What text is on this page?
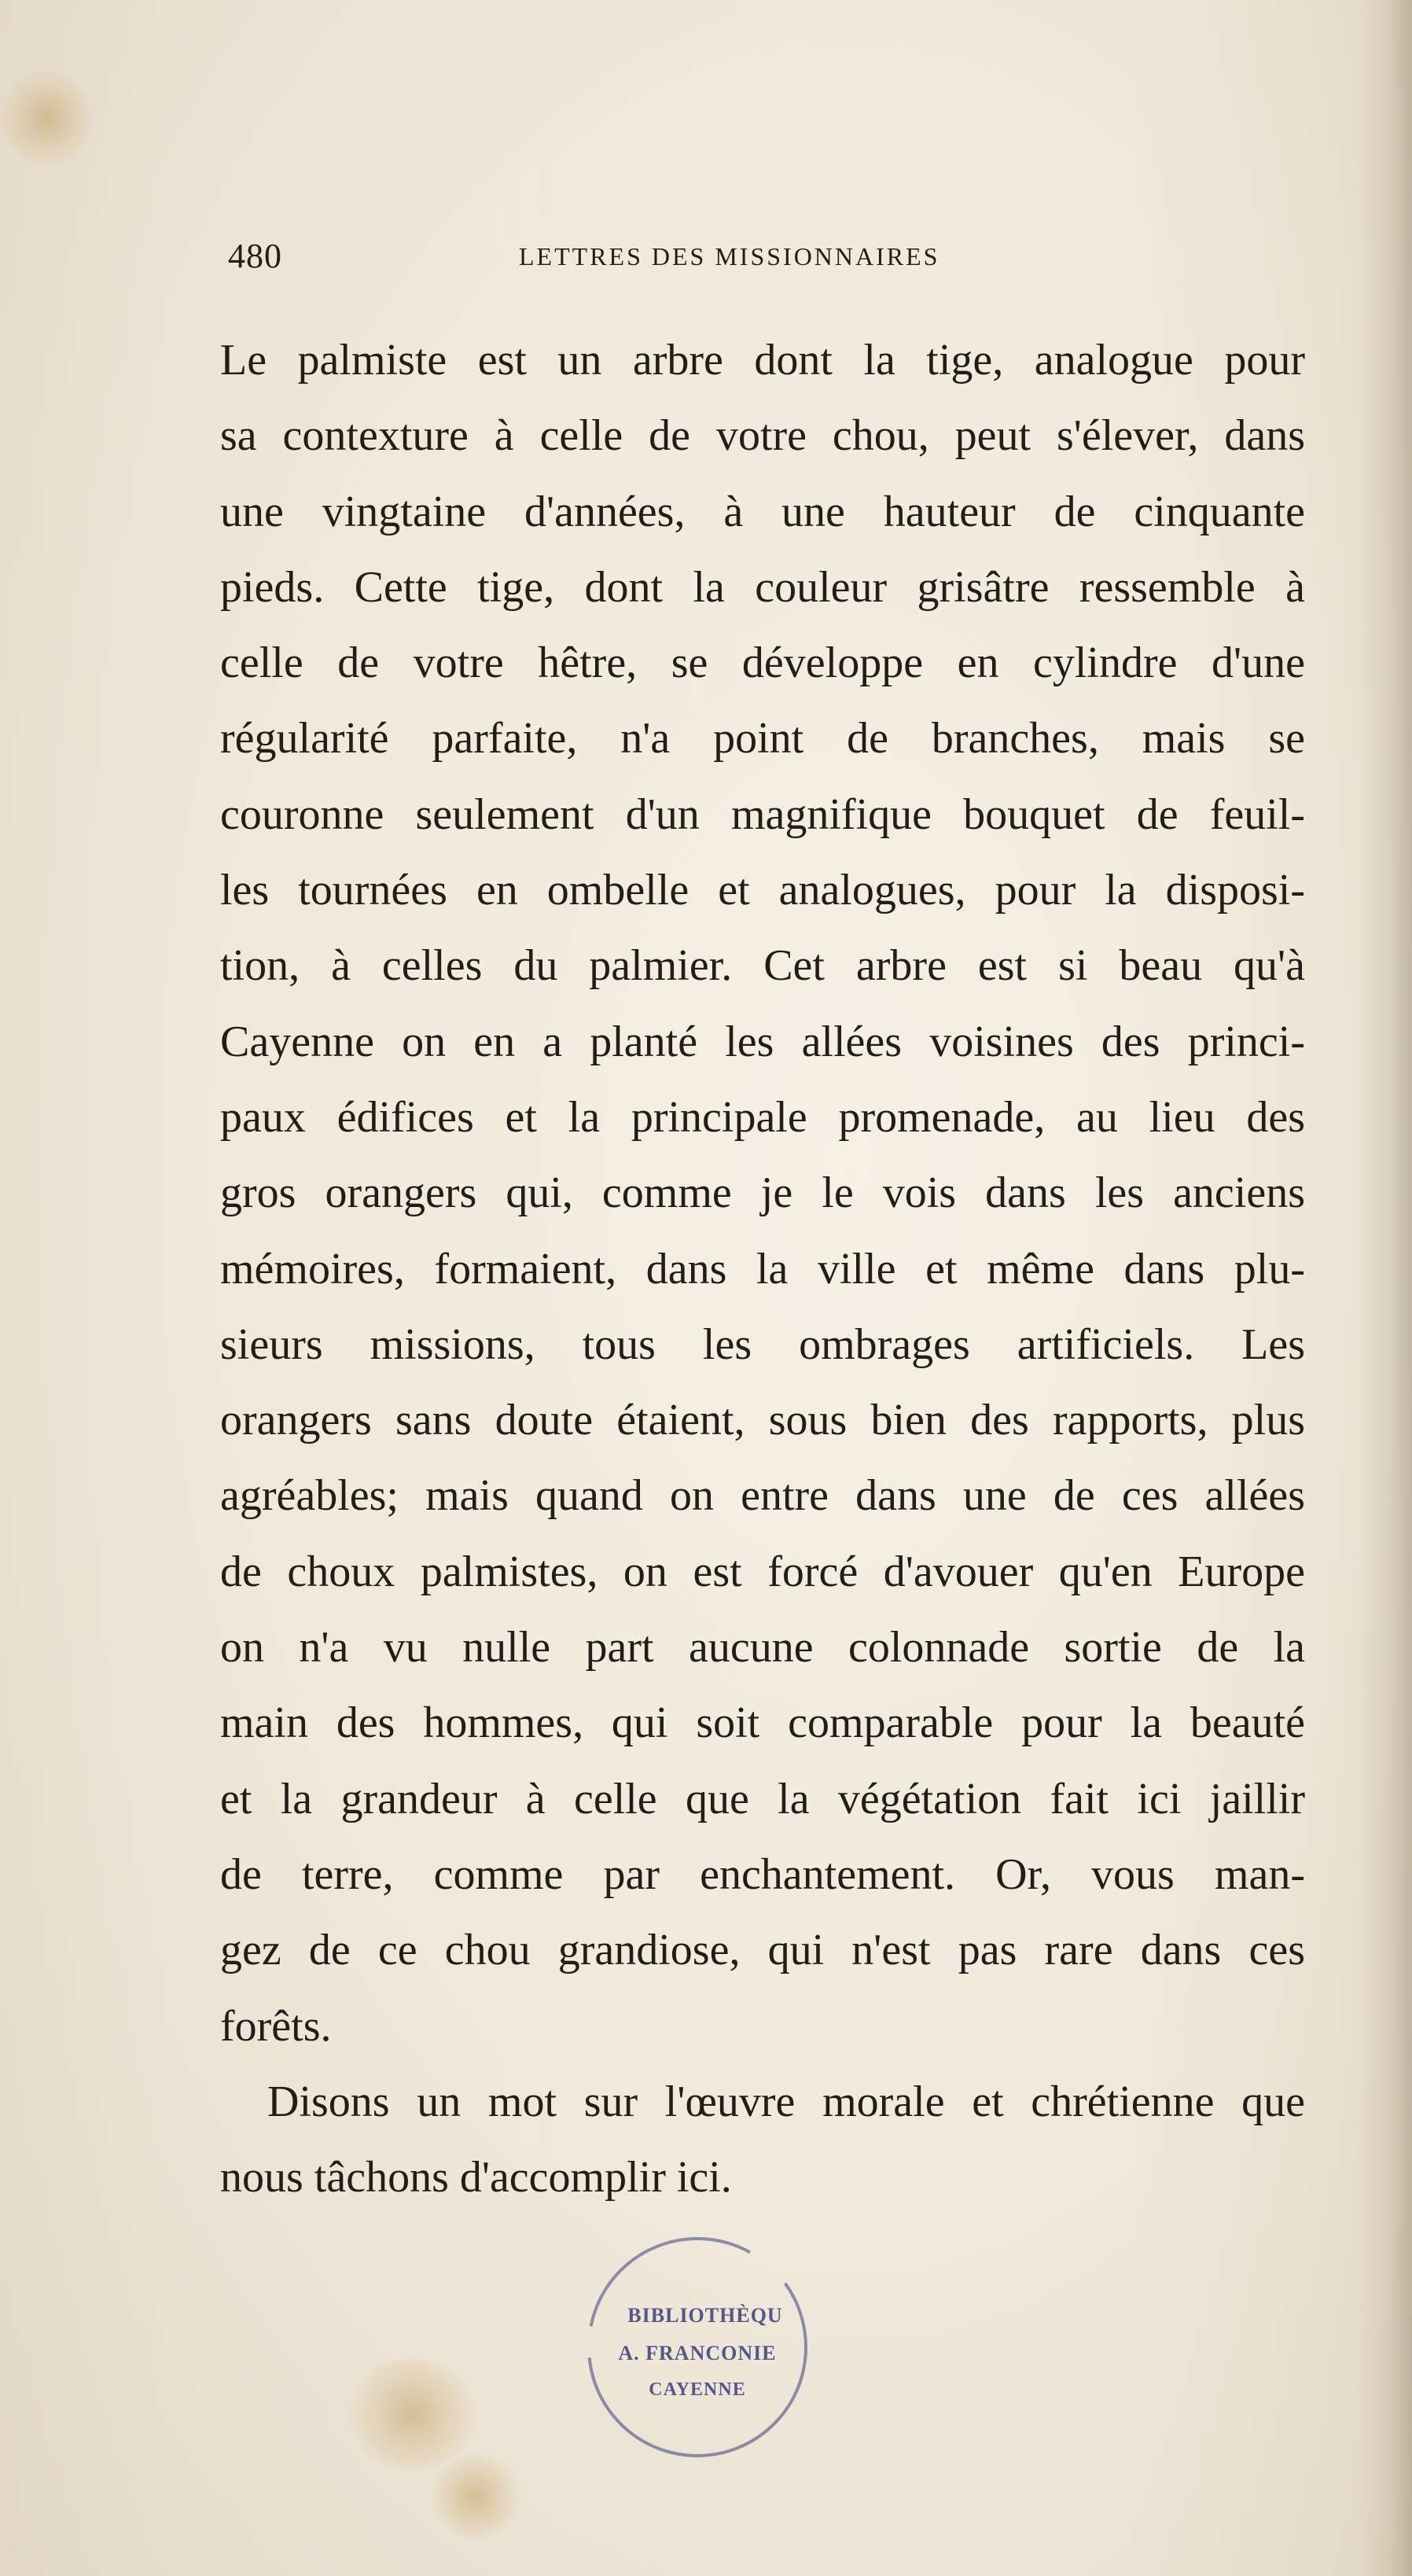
480	LETTRES DES MISSIONNAIRES

Le palmiste est un arbre dont la tige, analogue pour
sa contexture à celle de votre chou, peut s'élever, dans
une vingtaine d'années, à une hauteur de cinquante
pieds. Cette tige, dont la couleur grisâtre ressemble à
celle de votre hêtre, se développe en cylindre d'une
régularité parfaite, n'a point de branches, mais se
couronne seulement d'un magnifique bouquet de feuil-
les tournées en ombelle et analogues, pour la disposi-
tion, à celles du palmier. Cet arbre est si beau qu'à
Cayenne on en a planté les allées voisines des princi-
paux édifices et la principale promenade, au lieu des
gros orangers qui, comme je le vois dans les anciens
mémoires, formaient, dans la ville et même dans plu-
sieurs missions, tous les ombrages artificiels. Les
orangers sans doute étaient, sous bien des rapports, plus
agréables; mais quand on entre dans une de ces allées
de choux palmistes, on est forcé d'avouer qu'en Europe
on n'a vu nulle part aucune colonnade sortie de la
main des hommes, qui soit comparable pour la beauté
et la grandeur à celle que la végétation fait ici jaillir
de terre, comme par enchantement. Or, vous man-
gez de ce chou grandiose, qui n'est pas rare dans ces
forêts.

Disons un mot sur l'œuvre morale et chrétienne que
nous tâchons d'accomplir ici.

BIBLIOTHÈQU
A. FRANCONIE
CAYENNE
